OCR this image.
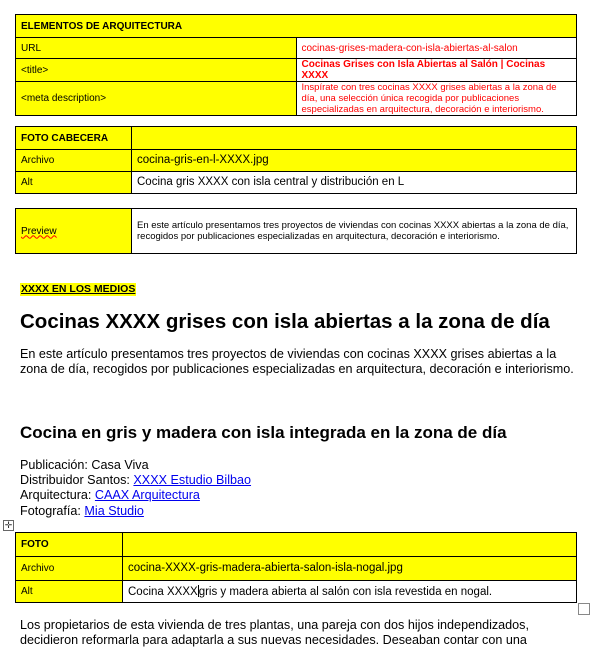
ELEMENTOS DE ARQUITECTURA	
URL	cocinas-grises-madera-con-isla-abiertas-al-salon
<title>	Cocinas Grises con Isla Abiertas al Salón | Cocinas XXXX
<meta description>	Inspírate con tres cocinas XXXX grises abiertas a la zona de día, una selección única recogida por publicaciones especializadas en arquitectura, decoración e interiorismo.
FOTO CABECERA	
Archivo	cocina-gris-en-l-XXXX.jpg
Alt	Cocina gris XXXX con isla central y distribución en L
Preview	En este artículo presentamos tres proyectos de viviendas con cocinas XXXX abiertas a la zona de día, recogidos por publicaciones especializadas en arquitectura, decoración e interiorismo.
XXXX EN LOS MEDIOS
Cocinas XXXX grises con isla abiertas a la zona de día

En este artículo presentamos tres proyectos de viviendas con cocinas XXXX grises abiertas a la zona de día, recogidos por publicaciones especializadas en arquitectura, decoración e interiorismo.

Cocina en gris y madera con isla integrada en la zona de día
Publicación: Casa Viva
Distribuidor Santos: XXXX Estudio Bilbao
Arquitectura: CAAX Arquitectura
Fotografía: Mia Studio
✛
FOTO	
Archivo	cocina-XXXX-gris-madera-abierta-salon-isla-nogal.jpg
Alt	Cocina XXXXgris y madera abierta al salón con isla revestida en nogal.

Los propietarios de esta vivienda de tres plantas, una pareja con dos hijos independizados, decidieron reformarla para adaptarla a sus nuevas necesidades. Deseaban contar con una
